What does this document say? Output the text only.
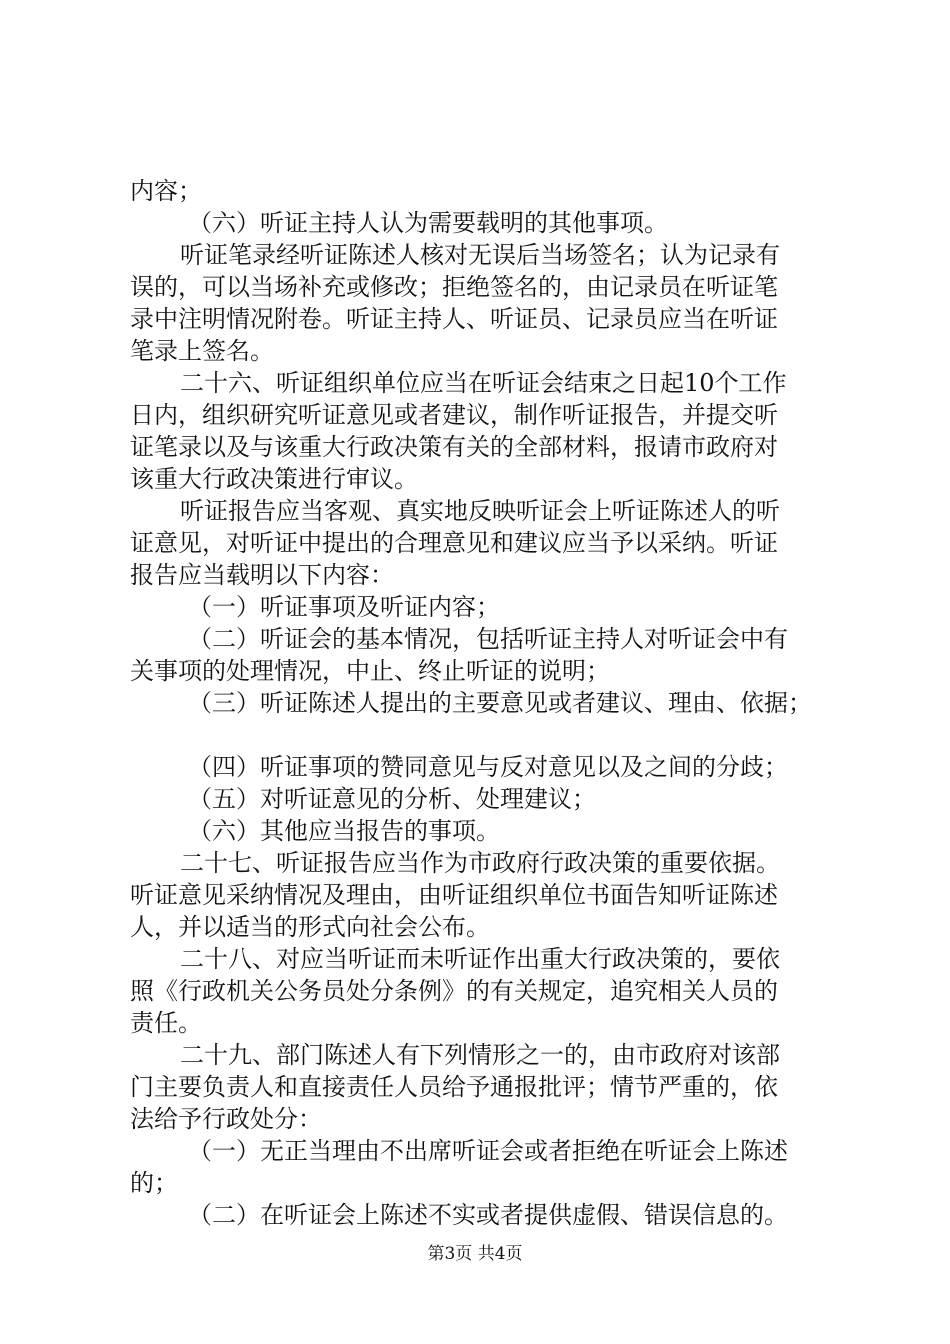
内容；

（六）听证主持人认为需要载明的其他事项。

听证笔录经听证陈述人核对无误后当场签名；认为记录有

误的，可以当场补充或修改；拒绝签名的，由记录员在听证笔

录中注明情况附卷。听证主持人、听证员、记录员应当在听证

笔录上签名。

二十六、听证组织单位应当在听证会结束之日起10个工作

日内，组织研究听证意见或者建议，制作听证报告，并提交听

证笔录以及与该重大行政决策有关的全部材料，报请市政府对

该重大行政决策进行审议。

听证报告应当客观、真实地反映听证会上听证陈述人的听

证意见，对听证中提出的合理意见和建议应当予以采纳。听证

报告应当载明以下内容：

（一）听证事项及听证内容；

（二）听证会的基本情况，包括听证主持人对听证会中有

关事项的处理情况，中止、终止听证的说明；

（三）听证陈述人提出的主要意见或者建议、理由、依据；

（四）听证事项的赞同意见与反对意见以及之间的分歧；

（五）对听证意见的分析、处理建议；

（六）其他应当报告的事项。

二十七、听证报告应当作为市政府行政决策的重要依据。

听证意见采纳情况及理由，由听证组织单位书面告知听证陈述

人，并以适当的形式向社会公布。

二十八、对应当听证而未听证作出重大行政决策的，要依

照《行政机关公务员处分条例》的有关规定，追究相关人员的

责任。

二十九、部门陈述人有下列情形之一的，由市政府对该部

门主要负责人和直接责任人员给予通报批评；情节严重的，依

法给予行政处分：

（一）无正当理由不出席听证会或者拒绝在听证会上陈述

的；

（二）在听证会上陈述不实或者提供虚假、错误信息的。

第3页 共4页
